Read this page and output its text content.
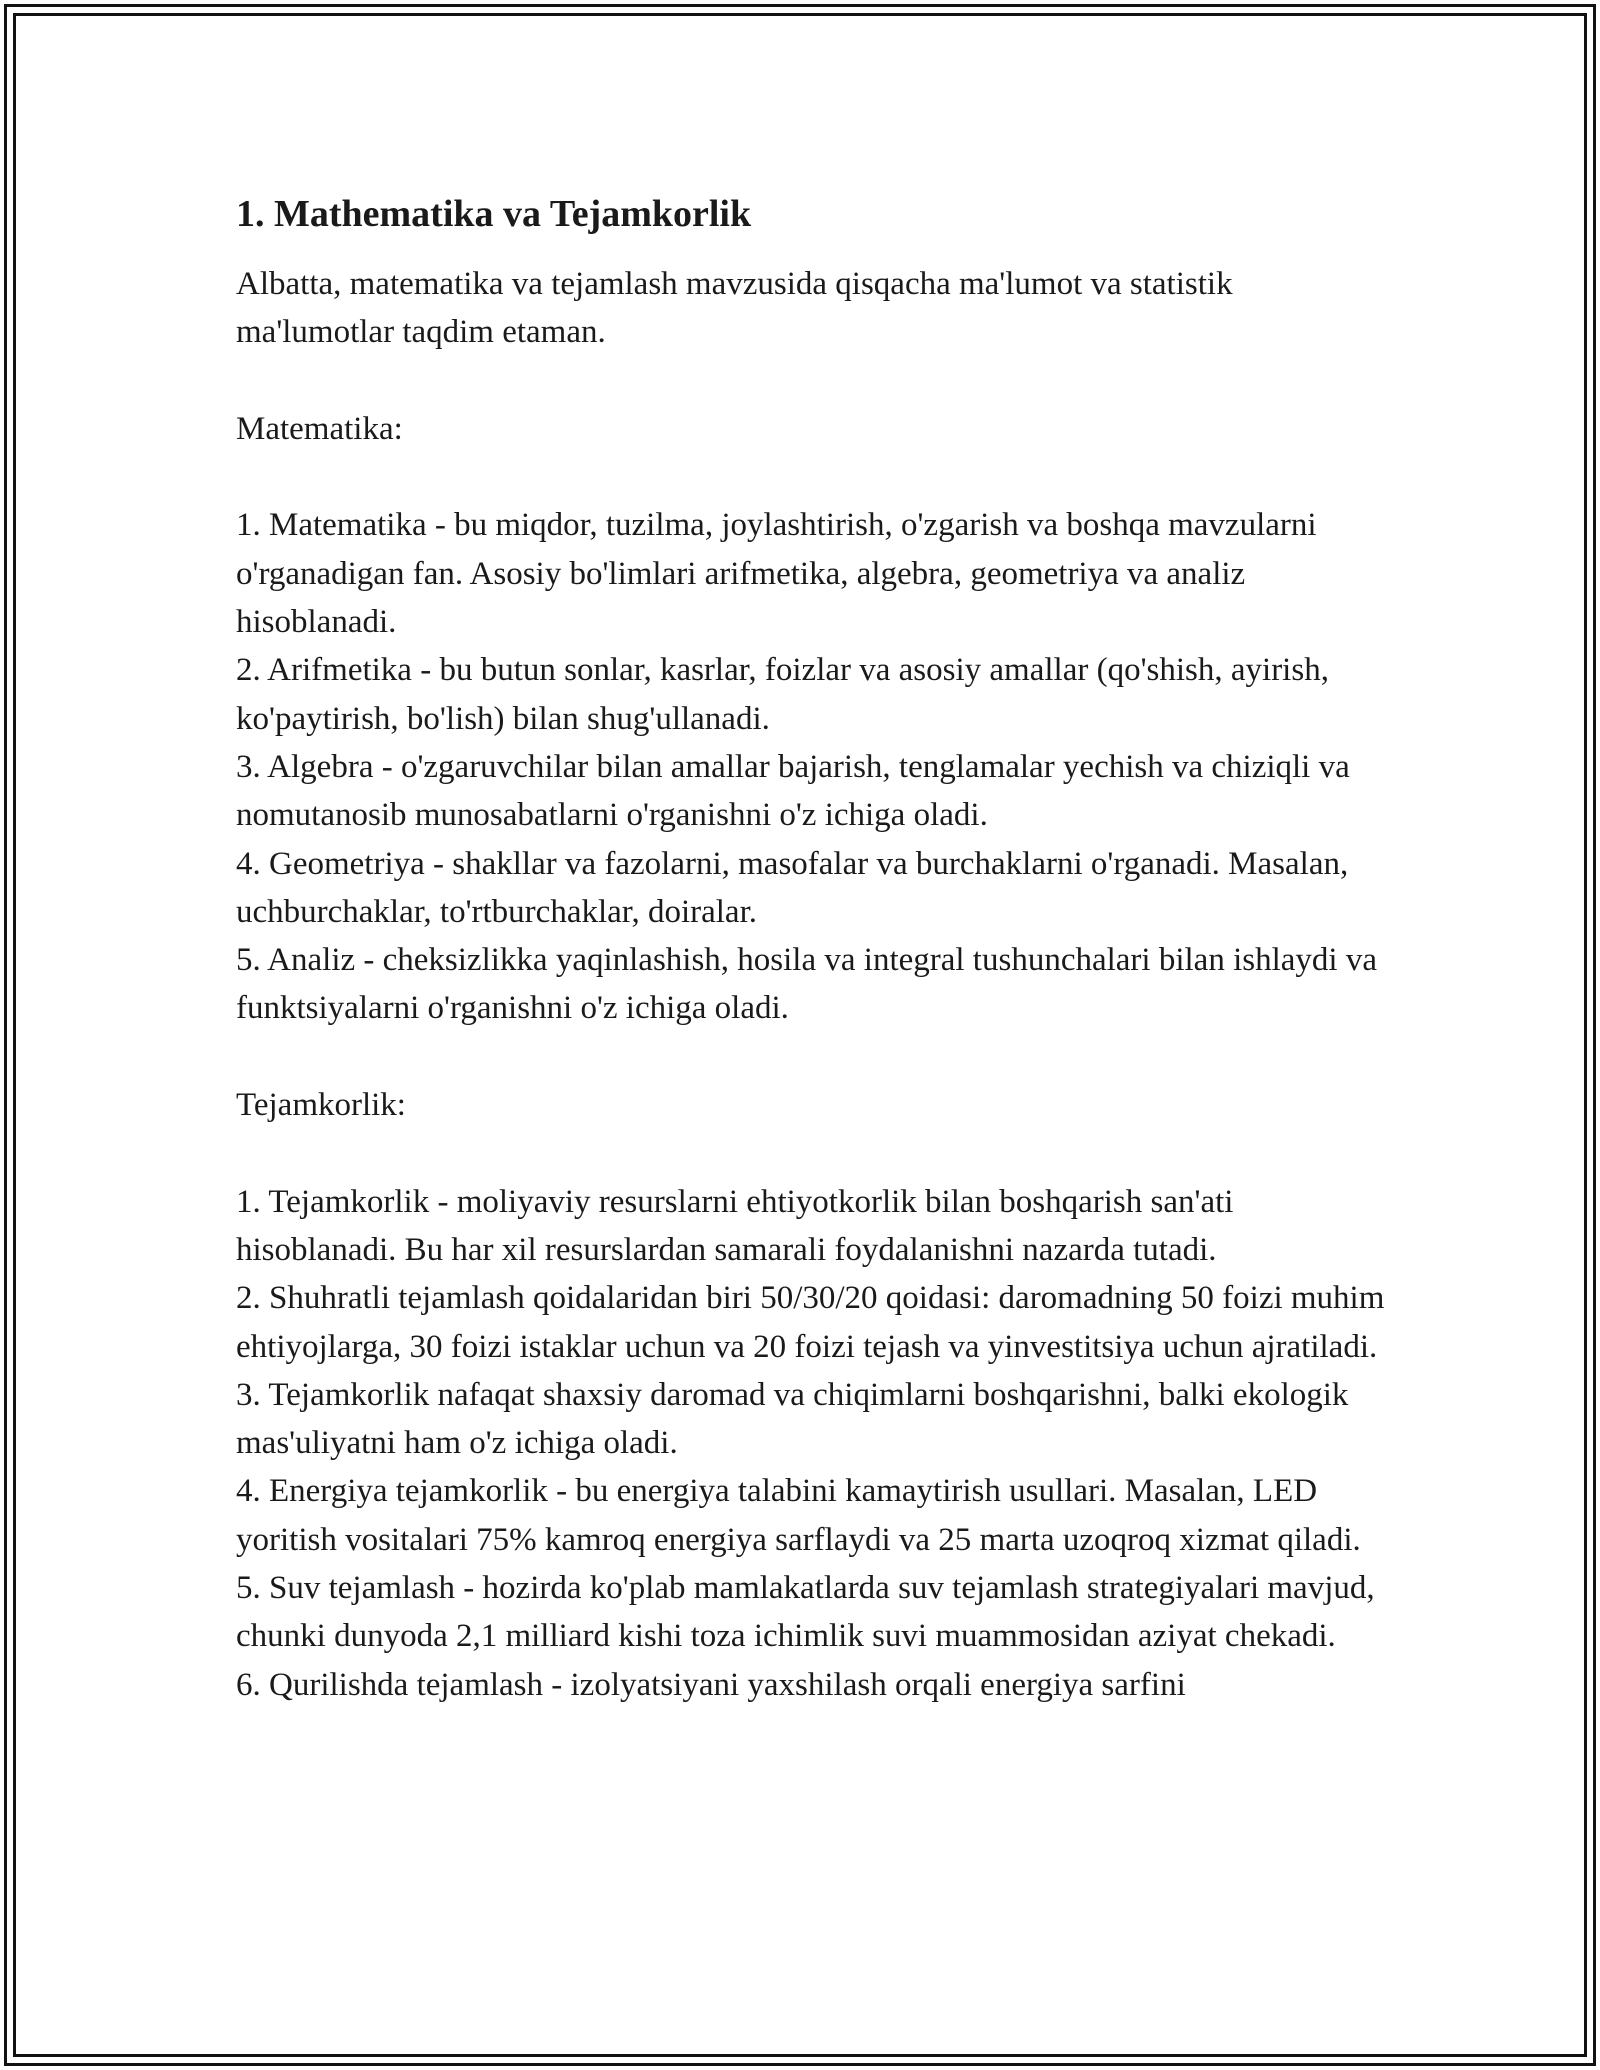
1. Mathematika va Tejamkorlik

Albatta, matematika va tejamlash mavzusida qisqacha ma'lumot va statistik ma'lumotlar taqdim etaman.

Matematika:

1. Matematika - bu miqdor, tuzilma, joylashtirish, o'zgarish va boshqa mavzularni o'rganadigan fan. Asosiy bo'limlari arifmetika, algebra, geometriya va analiz hisoblanadi.

2. Arifmetika - bu butun sonlar, kasrlar, foizlar va asosiy amallar (qo'shish, ayirish, ko'paytirish, bo'lish) bilan shug'ullanadi.

3. Algebra - o'zgaruvchilar bilan amallar bajarish, tenglamalar yechish va chiziqli va nomutanosib munosabatlarni o'rganishni o'z ichiga oladi.

4. Geometriya - shakllar va fazolarni, masofalar va burchaklarni o'rganadi. Masalan, uchburchaklar, to'rtburchaklar, doiralar.

5. Analiz - cheksizlikka yaqinlashish, hosila va integral tushunchalari bilan ishlaydi va funktsiyalarni o'rganishni o'z ichiga oladi.

Tejamkorlik:

1. Tejamkorlik - moliyaviy resurslarni ehtiyotkorlik bilan boshqarish san'ati hisoblanadi. Bu har xil resurslardan samarali foydalanishni nazarda tutadi.

2. Shuhratli tejamlash qoidalaridan biri 50/30/20 qoidasi: daromadning 50 foizi muhim ehtiyojlarga, 30 foizi istaklar uchun va 20 foizi tejash va yinvestitsiya uchun ajratiladi.

3. Tejamkorlik nafaqat shaxsiy daromad va chiqimlarni boshqarishni, balki ekologik mas'uliyatni ham o'z ichiga oladi.

4. Energiya tejamkorlik - bu energiya talabini kamaytirish usullari. Masalan, LED yoritish vositalari 75% kamroq energiya sarflaydi va 25 marta uzoqroq xizmat qiladi.

5. Suv tejamlash - hozirda ko'plab mamlakatlarda suv tejamlash strategiyalari mavjud, chunki dunyoda 2,1 milliard kishi toza ichimlik suvi muammosidan aziyat chekadi.

6. Qurilishda tejamlash - izolyatsiyani yaxshilash orqali energiya sarfini
